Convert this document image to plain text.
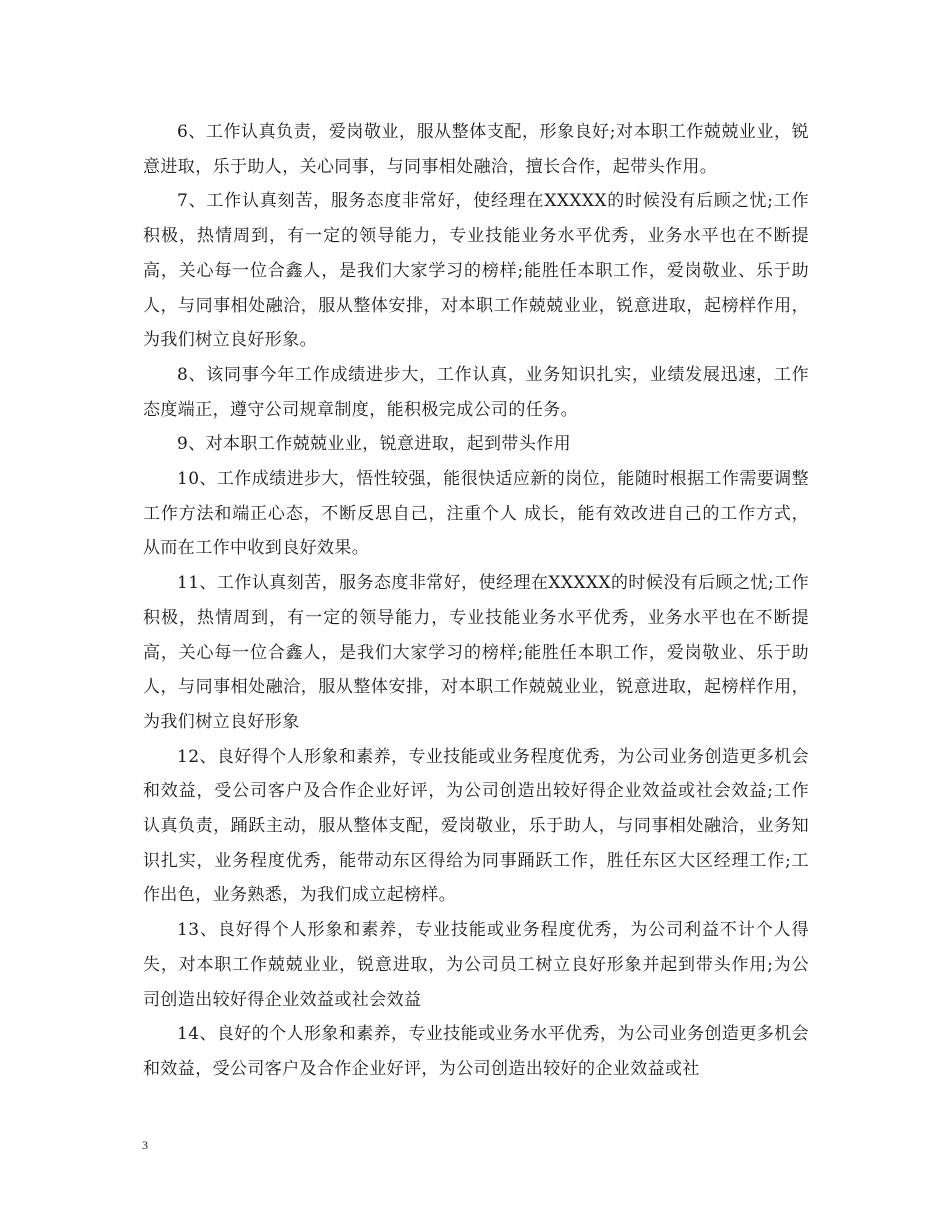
6、工作认真负责，爱岗敬业，服从整体支配，形象良好;对本职工作兢兢业业，锐意进取，乐于助人，关心同事，与同事相处融洽，擅长合作，起带头作用。

7、工作认真刻苦，服务态度非常好，使经理在XXXXX的时候没有后顾之忧;工作积极，热情周到，有一定的领导能力，专业技能业务水平优秀，业务水平也在不断提高，关心每一位合鑫人，是我们大家学习的榜样;能胜任本职工作，爱岗敬业、乐于助人，与同事相处融洽，服从整体安排，对本职工作兢兢业业，锐意进取，起榜样作用，为我们树立良好形象。

8、该同事今年工作成绩进步大，工作认真，业务知识扎实，业绩发展迅速，工作态度端正，遵守公司规章制度，能积极完成公司的任务。

9、对本职工作兢兢业业，锐意进取，起到带头作用

10、工作成绩进步大，悟性较强，能很快适应新的岗位，能随时根据工作需要调整工作方法和端正心态，不断反思自己，注重个人 成长，能有效改进自己的工作方式，从而在工作中收到良好效果。

11、工作认真刻苦，服务态度非常好，使经理在XXXXX的时候没有后顾之忧;工作积极，热情周到，有一定的领导能力，专业技能业务水平优秀，业务水平也在不断提高，关心每一位合鑫人，是我们大家学习的榜样;能胜任本职工作，爱岗敬业、乐于助人，与同事相处融洽，服从整体安排，对本职工作兢兢业业，锐意进取，起榜样作用，为我们树立良好形象

12、良好得个人形象和素养，专业技能或业务程度优秀，为公司业务创造更多机会和效益，受公司客户及合作企业好评，为公司创造出较好得企业效益或社会效益;工作认真负责，踊跃主动，服从整体支配，爱岗敬业，乐于助人，与同事相处融洽，业务知识扎实，业务程度优秀，能带动东区得给为同事踊跃工作，胜任东区大区经理工作;工作出色，业务熟悉，为我们成立起榜样。

13、良好得个人形象和素养，专业技能或业务程度优秀，为公司利益不计个人得失，对本职工作兢兢业业，锐意进取，为公司员工树立良好形象并起到带头作用;为公司创造出较好得企业效益或社会效益

14、良好的个人形象和素养，专业技能或业务水平优秀，为公司业务创造更多机会和效益，受公司客户及合作企业好评，为公司创造出较好的企业效益或社

3
